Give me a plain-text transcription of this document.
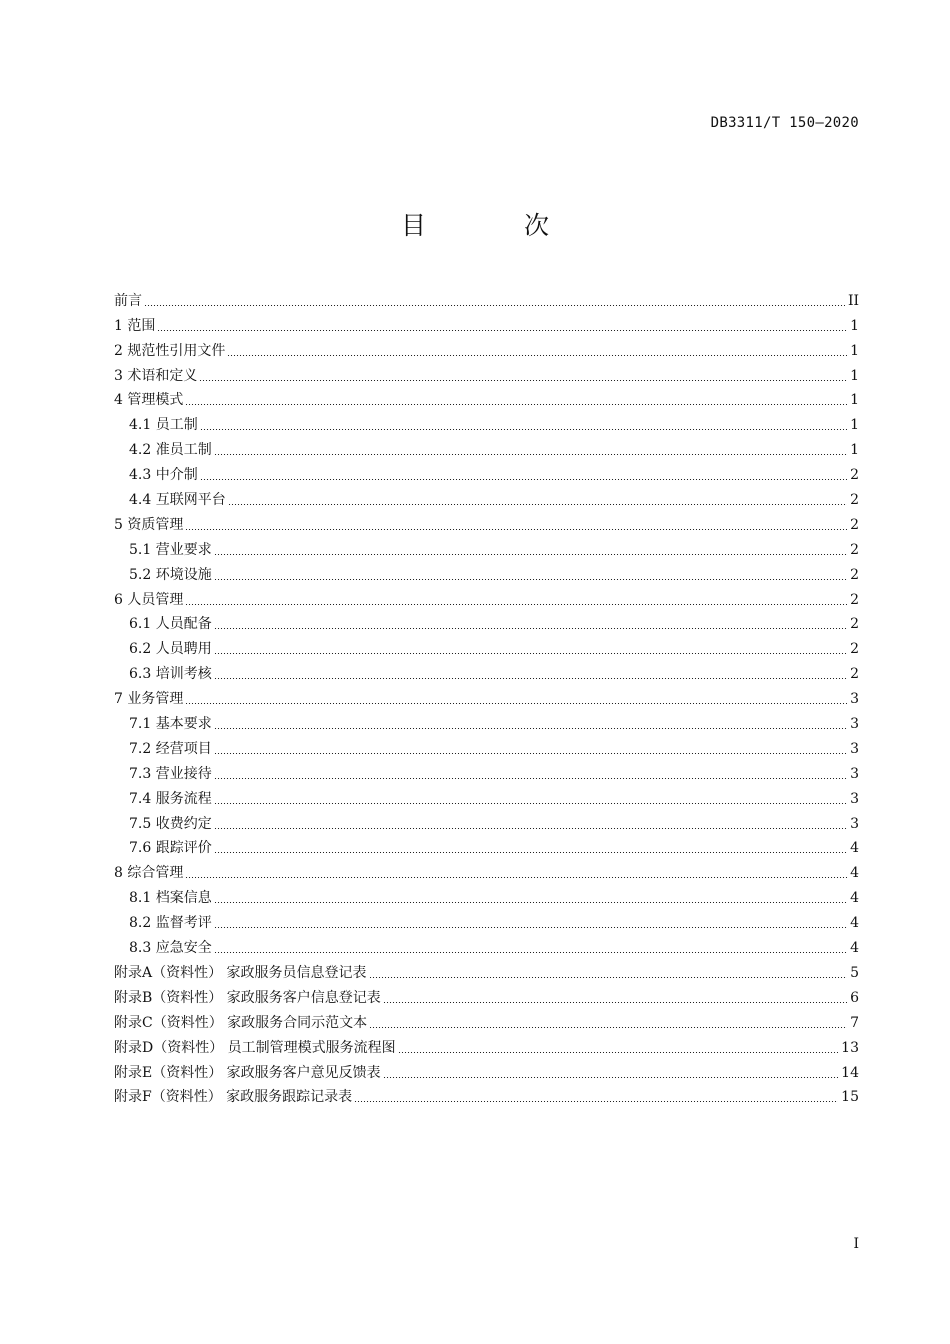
DB3311/T 150—2020
目 次
前言	II
1 范围	1
2 规范性引用文件	1
3 术语和定义	1
4 管理模式	1
4.1 员工制	1
4.2 准员工制	1
4.3 中介制	2
4.4 互联网平台	2
5 资质管理	2
5.1 营业要求	2
5.2 环境设施	2
6 人员管理	2
6.1 人员配备	2
6.2 人员聘用	2
6.3 培训考核	2
7 业务管理	3
7.1 基本要求	3
7.2 经营项目	3
7.3 营业接待	3
7.4 服务流程	3
7.5 收费约定	3
7.6 跟踪评价	4
8 综合管理	4
8.1 档案信息	4
8.2 监督考评	4
8.3 应急安全	4
附录A（资料性） 家政服务员信息登记表	5
附录B（资料性） 家政服务客户信息登记表	6
附录C（资料性） 家政服务合同示范文本	7
附录D（资料性） 员工制管理模式服务流程图	13
附录E（资料性） 家政服务客户意见反馈表	14
附录F（资料性） 家政服务跟踪记录表	15
I
